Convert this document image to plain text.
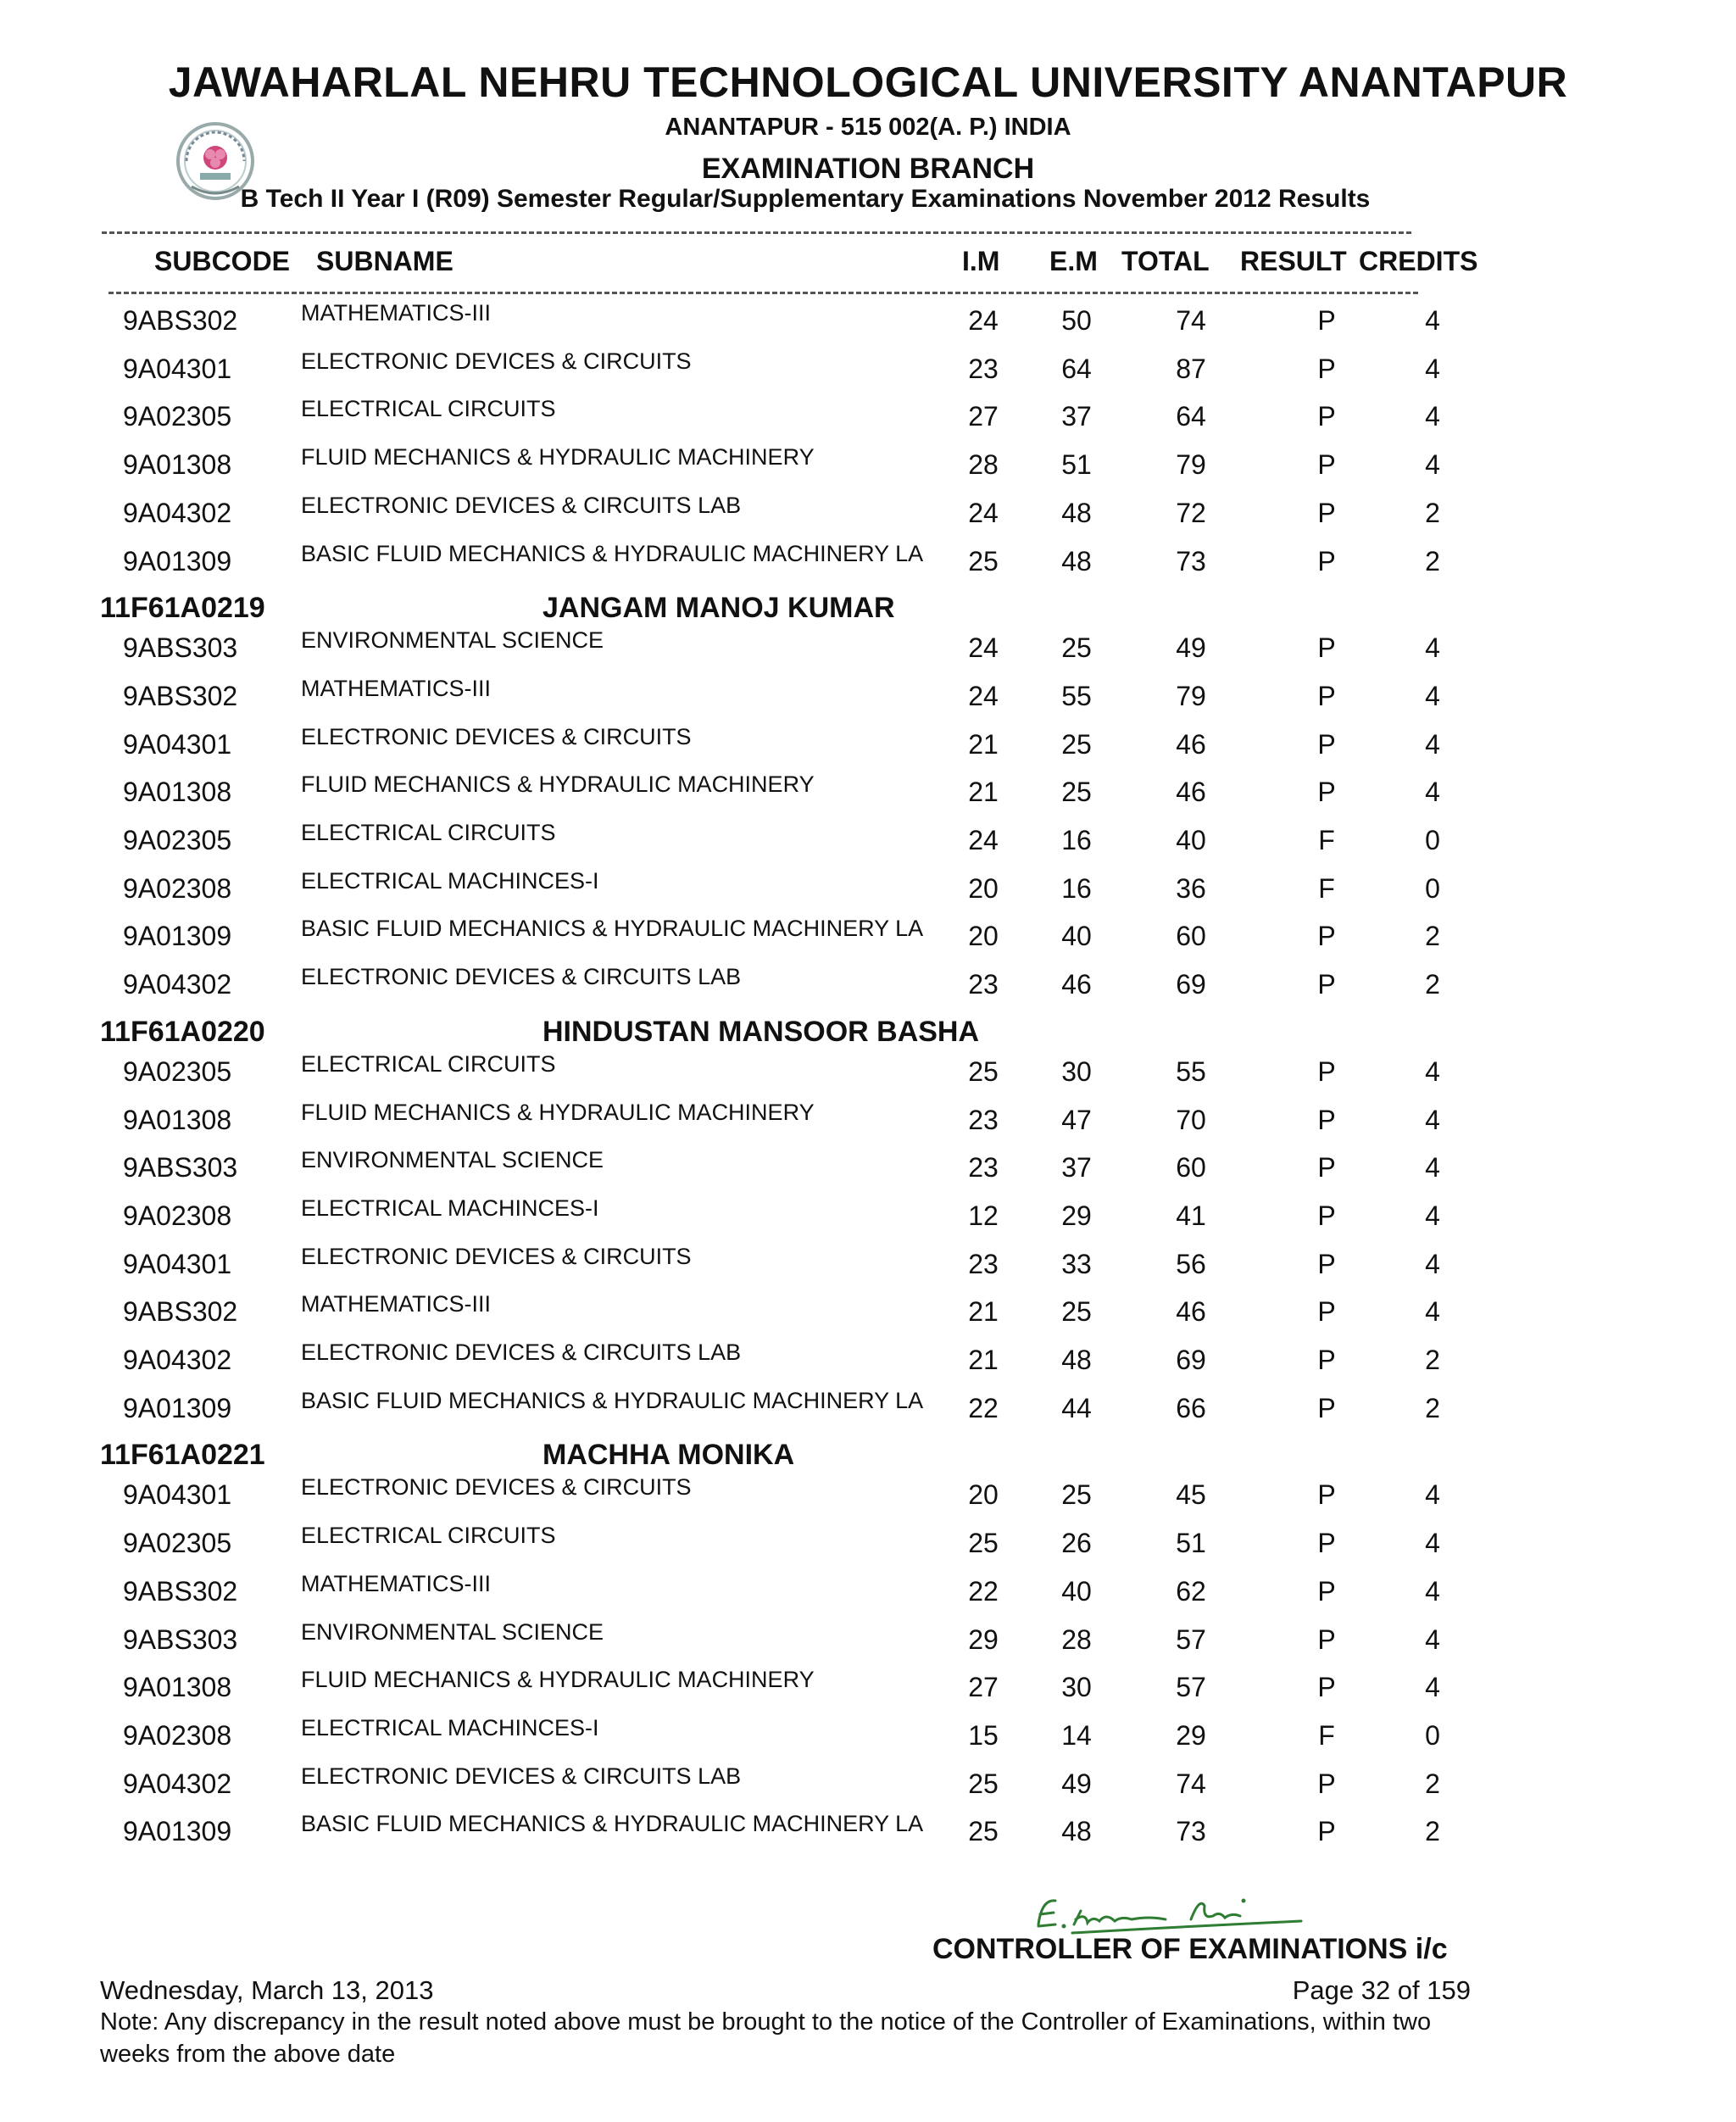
JAWAHARLAL NEHRU TECHNOLOGICAL UNIVERSITY ANANTAPUR
ANANTAPUR - 515 002(A. P.) INDIA
EXAMINATION BRANCH
B Tech II Year I (R09) Semester Regular/Supplementary Examinations November 2012 Results
SUBCODE SUBNAME	I.M E.M TOTAL RESULT CREDITS
9ABS302	MATHEMATICS-III	24	50	74	P	4
9A04301	ELECTRONIC DEVICES & CIRCUITS	23	64	87	P	4
9A02305	ELECTRICAL CIRCUITS	27	37	64	P	4
9A01308	FLUID MECHANICS & HYDRAULIC MACHINERY	28	51	79	P	4
9A04302	ELECTRONIC DEVICES & CIRCUITS LAB	24	48	72	P	2
9A01309	BASIC FLUID MECHANICS & HYDRAULIC MACHINERY LA	25	48	73	P	2
11F61A0219	JANGAM MANOJ KUMAR
9ABS303	ENVIRONMENTAL SCIENCE	24	25	49	P	4
9ABS302	MATHEMATICS-III	24	55	79	P	4
9A04301	ELECTRONIC DEVICES & CIRCUITS	21	25	46	P	4
9A01308	FLUID MECHANICS & HYDRAULIC MACHINERY	21	25	46	P	4
9A02305	ELECTRICAL CIRCUITS	24	16	40	F	0
9A02308	ELECTRICAL MACHINCES-I	20	16	36	F	0
9A01309	BASIC FLUID MECHANICS & HYDRAULIC MACHINERY LA	20	40	60	P	2
9A04302	ELECTRONIC DEVICES & CIRCUITS LAB	23	46	69	P	2
11F61A0220	HINDUSTAN MANSOOR BASHA
9A02305	ELECTRICAL CIRCUITS	25	30	55	P	4
9A01308	FLUID MECHANICS & HYDRAULIC MACHINERY	23	47	70	P	4
9ABS303	ENVIRONMENTAL SCIENCE	23	37	60	P	4
9A02308	ELECTRICAL MACHINCES-I	12	29	41	P	4
9A04301	ELECTRONIC DEVICES & CIRCUITS	23	33	56	P	4
9ABS302	MATHEMATICS-III	21	25	46	P	4
9A04302	ELECTRONIC DEVICES & CIRCUITS LAB	21	48	69	P	2
9A01309	BASIC FLUID MECHANICS & HYDRAULIC MACHINERY LA	22	44	66	P	2
11F61A0221	MACHHA MONIKA
9A04301	ELECTRONIC DEVICES & CIRCUITS	20	25	45	P	4
9A02305	ELECTRICAL CIRCUITS	25	26	51	P	4
9ABS302	MATHEMATICS-III	22	40	62	P	4
9ABS303	ENVIRONMENTAL SCIENCE	29	28	57	P	4
9A01308	FLUID MECHANICS & HYDRAULIC MACHINERY	27	30	57	P	4
9A02308	ELECTRICAL MACHINCES-I	15	14	29	F	0
9A04302	ELECTRONIC DEVICES & CIRCUITS LAB	25	49	74	P	2
9A01309	BASIC FLUID MECHANICS & HYDRAULIC MACHINERY LA	25	48	73	P	2
CONTROLLER OF EXAMINATIONS i/c
Wednesday, March 13, 2013	Page 32 of 159
Note: Any discrepancy in the result noted above must be brought to the notice of the Controller of Examinations, within two weeks from the above date
